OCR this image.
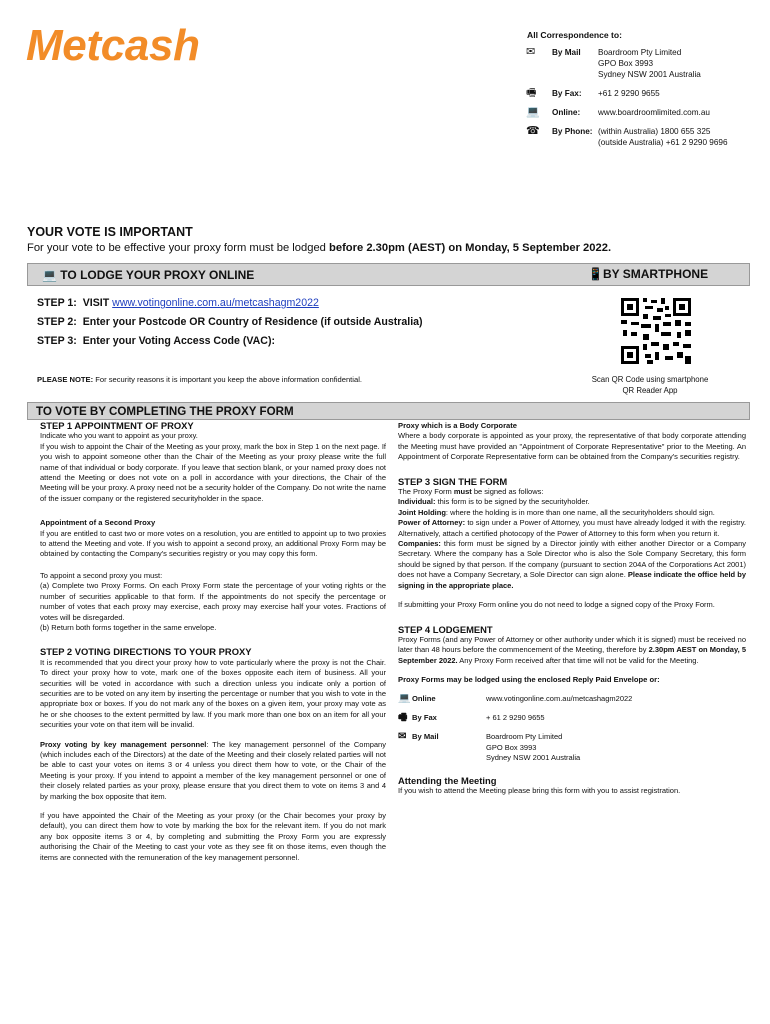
Metcash	All Correspondence to:
✉	By Mail	Boardroom Pty Limited
GPO Box 3993
Sydney NSW 2001 Australia
🖷	By Fax:	+61 2 9290 9655
💻	Online:	www.boardroomlimited.com.au
☎	By Phone: (within Australia) 1800 655 325
(outside Australia) +61 2 9290 9696
YOUR VOTE IS IMPORTANT
For your vote to be effective your proxy form must be lodged before 2.30pm (AEST) on Monday, 5 September 2022.
💻 TO LODGE YOUR PROXY ONLINE	📱BY SMARTPHONE
STEP 1: VISIT www.votingonline.com.au/metcashagm2022
STEP 2: Enter your Postcode OR Country of Residence (if outside Australia)
STEP 3: Enter your Voting Access Code (VAC):
PLEASE NOTE: For security reasons it is important you keep the above information confidential.	Scan QR Code using smartphone
QR Reader App
TO VOTE BY COMPLETING THE PROXY FORM
STEP 1 APPOINTMENT OF PROXY

Indicate who you want to appoint as your proxy.

If you wish to appoint the Chair of the Meeting as your proxy, mark the box in Step 1 on the next page. If you wish to appoint someone other than the Chair of the Meeting as your proxy please write the full name of that individual or body corporate. If you leave that section blank, or your named proxy does not attend the Meeting or does not vote on a poll in accordance with your directions, the Chair of the Meeting will be your proxy. A proxy need not be a security holder of the Company. Do not write the name of the issuer company or the registered securityholder in the space.

Appointment of a Second Proxy

If you are entitled to cast two or more votes on a resolution, you are entitled to appoint up to two proxies to attend the Meeting and vote. If you wish to appoint a second proxy, an additional Proxy Form may be obtained by contacting the Company's securities registry or you may copy this form.

To appoint a second proxy you must:
(a) Complete two Proxy Forms. On each Proxy Form state the percentage of your voting rights or the number of securities applicable to that form. If the appointments do not specify the percentage or number of votes that each proxy may exercise, each proxy may exercise half your votes. Fractions of votes will be disregarded.
(b) Return both forms together in the same envelope.

STEP 2 VOTING DIRECTIONS TO YOUR PROXY

It is recommended that you direct your proxy how to vote particularly where the proxy is not the Chair. To direct your proxy how to vote, mark one of the boxes opposite each item of business. All your securities will be voted in accordance with such a direction unless you indicate only a portion of securities are to be voted on any item by inserting the percentage or number that you wish to vote in the appropriate box or boxes. If you do not mark any of the boxes on a given item, your proxy may vote as he or she chooses to the extent permitted by law. If you mark more than one box on an item for all your securities your vote on that item will be invalid.

Proxy voting by key management personnel: The key management personnel of the Company (which includes each of the Directors) at the date of the Meeting and their closely related parties will not be able to cast your votes on items 3 or 4 unless you direct them how to vote, or the Chair of the Meeting is your proxy. If you intend to appoint a member of the key management personnel or one of their closely related parties as your proxy, please ensure that you direct them to vote on items 3 and 4 by marking the box opposite that item.

If you have appointed the Chair of the Meeting as your proxy (or the Chair becomes your proxy by default), you can direct them how to vote by marking the box for the relevant item. If you do not mark any box opposite items 3 or 4, by completing and submitting the Proxy Form you are expressly authorising the Chair of the Meeting to cast your vote as they see fit on those items, even though the items are connected with the remuneration of the key management personnel.

Proxy which is a Body Corporate

Where a body corporate is appointed as your proxy, the representative of that body corporate attending the Meeting must have provided an "Appointment of Corporate Representative" prior to the Meeting. An Appointment of Corporate Representative form can be obtained from the Company's securities registry.

STEP 3 SIGN THE FORM

The Proxy Form must be signed as follows:

Individual: this form is to be signed by the securityholder.

Joint Holding: where the holding is in more than one name, all the securityholders should sign.

Power of Attorney: to sign under a Power of Attorney, you must have already lodged it with the registry. Alternatively, attach a certified photocopy of the Power of Attorney to this form when you return it.

Companies: this form must be signed by a Director jointly with either another Director or a Company Secretary. Where the company has a Sole Director who is also the Sole Company Secretary, this form should be signed by that person. If the company (pursuant to section 204A of the Corporations Act 2001) does not have a Company Secretary, a Sole Director can sign alone. Please indicate the office held by signing in the appropriate place.

If submitting your Proxy Form online you do not need to lodge a signed copy of the Proxy Form.

STEP 4 LODGEMENT

Proxy Forms (and any Power of Attorney or other authority under which it is signed) must be received no later than 48 hours before the commencement of the Meeting, therefore by 2.30pm AEST on Monday, 5 September 2022. Any Proxy Form received after that time will not be valid for the Meeting.

Proxy Forms may be lodged using the enclosed Reply Paid Envelope or:
💻 Online	www.votingonline.com.au/metcashagm2022
🖷 By Fax	+ 61 2 9290 9655
✉ By Mail	Boardroom Pty Limited
GPO Box 3993
Sydney NSW 2001 Australia
Attending the Meeting

If you wish to attend the Meeting please bring this form with you to assist registration.
